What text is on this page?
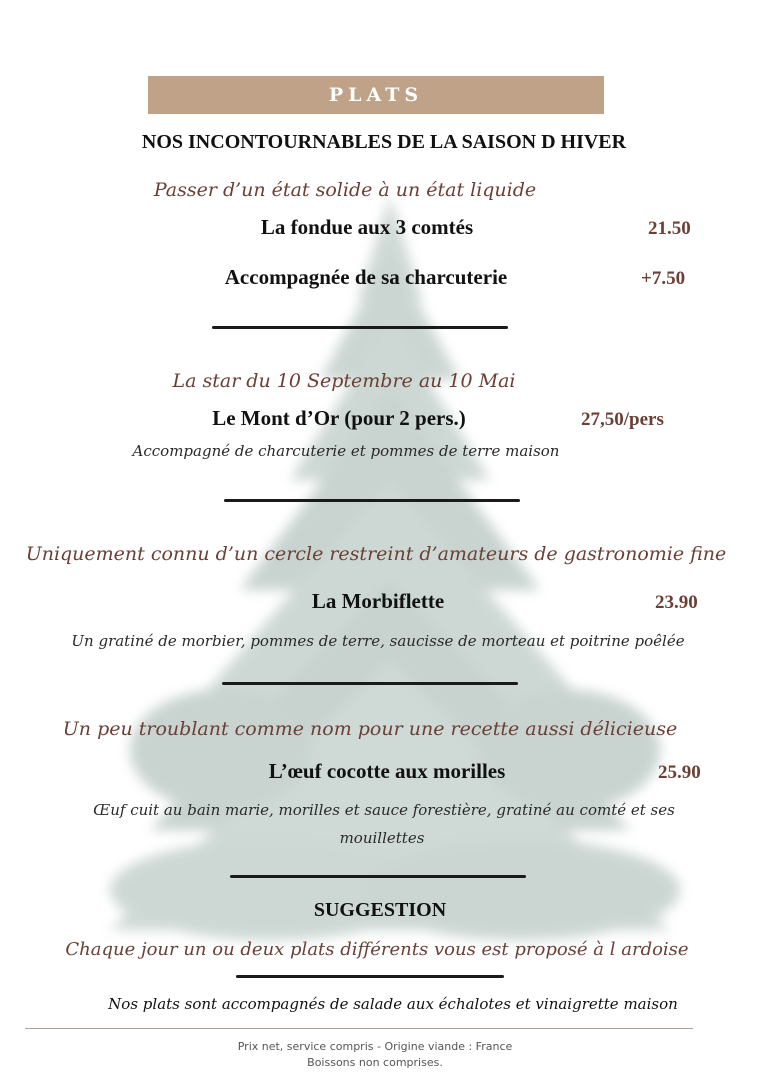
PLATS
NOS INCONTOURNABLES DE LA SAISON D HIVER
Passer d’un état solide à un état liquide
La fondue aux 3 comtés	21.50
Accompagnée de sa charcuterie	+7.50
La star du 10 Septembre au 10 Mai
Le Mont d’Or (pour 2 pers.)	27,50/pers
Accompagné de charcuterie et pommes de terre maison
Uniquement connu d’un cercle restreint d’amateurs de gastronomie fine
La Morbiflette	23.90
Un gratiné de morbier, pommes de terre, saucisse de morteau et poitrine poêlée
Un peu troublant comme nom pour une recette aussi délicieuse
L’œuf cocotte aux morilles	25.90
Œuf cuit au bain marie, morilles et sauce forestière, gratiné au comté et ses
mouillettes
SUGGESTION
Chaque jour un ou deux plats différents vous est proposé à l ardoise
Nos plats sont accompagnés de salade aux échalotes et vinaigrette maison
Prix net, service compris - Origine viande : France
Boissons non comprises.
